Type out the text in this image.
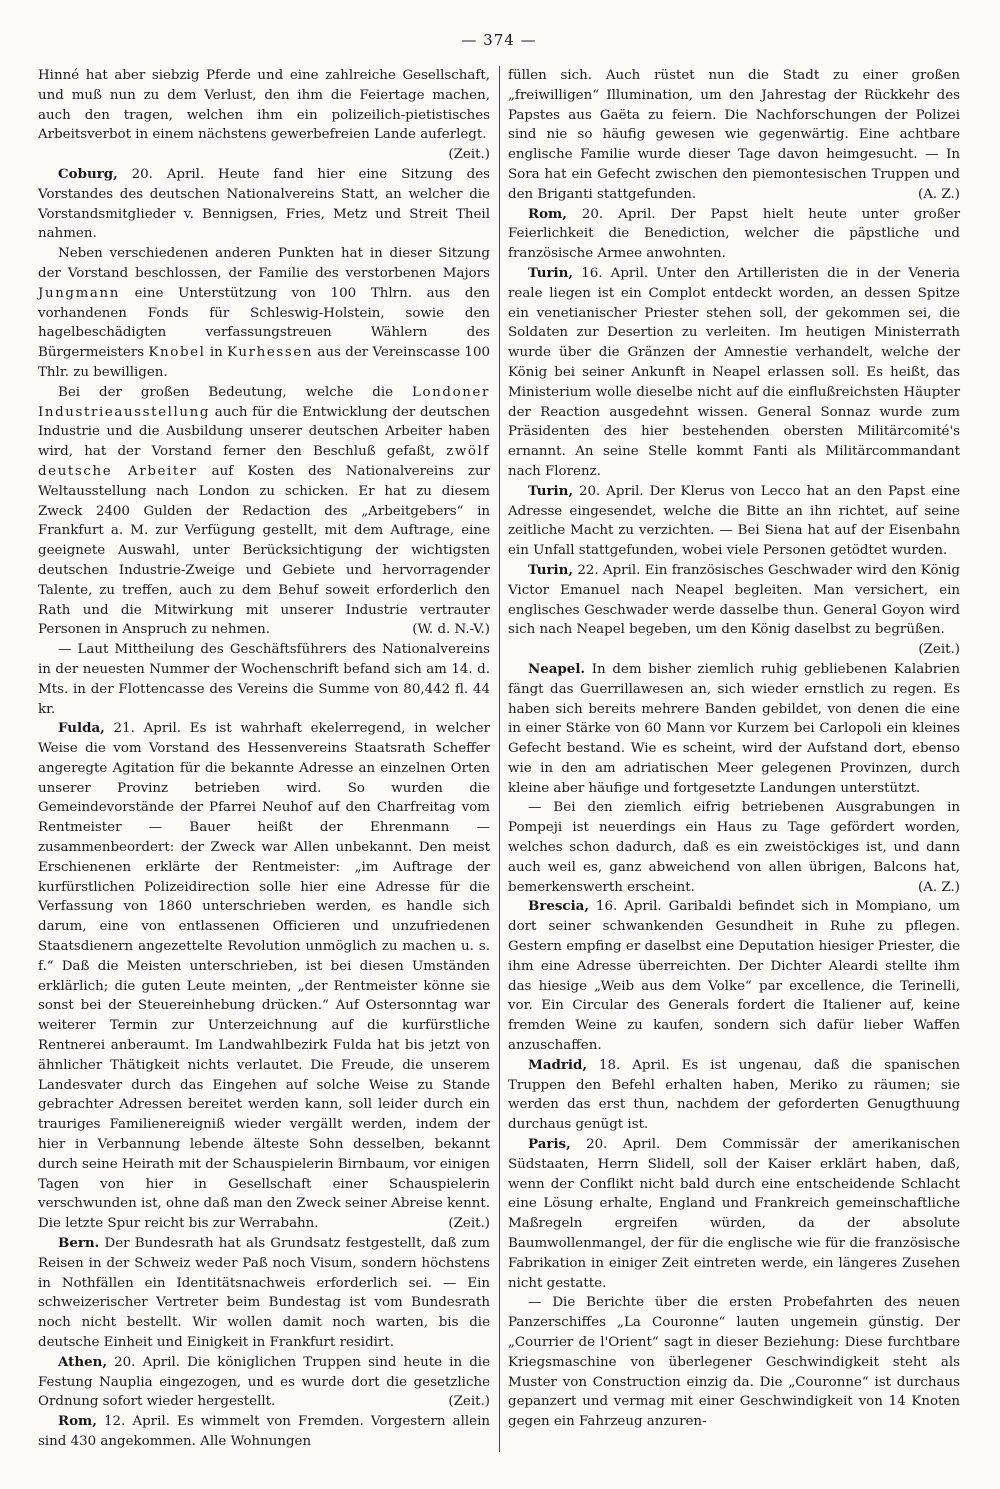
— 374 —

Hinné hat aber siebzig Pferde und eine zahlreiche Gesellschaft, und muß nun zu dem Verlust, den ihm die Feiertage machen, auch den tragen, welchen ihm ein polizeilich-pietistisches Arbeitsverbot in einem nächstens gewerbefreien Lande auferlegt.
(Zeit.)

Coburg, 20. April. Heute fand hier eine Sitzung des Vorstandes des deutschen Nationalvereins Statt, an welcher die Vorstandsmitglieder v. Bennigsen, Fries, Metz und Streit Theil nahmen.

Neben verschiedenen anderen Punkten hat in dieser Sitzung der Vorstand beschlossen, der Familie des verstorbenen Majors Jungmann eine Unterstützung von 100 Thlrn. aus den vorhandenen Fonds für Schleswig-Holstein, sowie den hagelbeschädigten verfassungstreuen Wählern des Bürgermeisters Knobel in Kurhessen aus der Vereinscasse 100 Thlr. zu bewilligen.

Bei der großen Bedeutung, welche die Londoner Industrieausstellung auch für die Entwicklung der deutschen Industrie und die Ausbildung unserer deutschen Arbeiter haben wird, hat der Vorstand ferner den Beschluß gefaßt, zwölf deutsche Arbeiter auf Kosten des Nationalvereins zur Weltausstellung nach London zu schicken. Er hat zu diesem Zweck 2400 Gulden der Redaction des „Arbeitgebers“ in Frankfurt a. M. zur Verfügung gestellt, mit dem Auftrage, eine geeignete Auswahl, unter Berücksichtigung der wichtigsten deutschen Industrie-Zweige und Gebiete und hervorragender Talente, zu treffen, auch zu dem Behuf soweit erforderlich den Rath und die Mitwirkung mit unserer Industrie vertrauter Personen in Anspruch zu nehmen.	(W. d. N.-V.)

— Laut Mittheilung des Geschäftsführers des Nationalvereins in der neuesten Nummer der Wochenschrift befand sich am 14. d. Mts. in der Flottencasse des Vereins die Summe von 80,442 fl. 44 kr.

Fulda, 21. April. Es ist wahrhaft ekelerregend, in welcher Weise die vom Vorstand des Hessenvereins Staatsrath Scheffer angeregte Agitation für die bekannte Adresse an einzelnen Orten unserer Provinz betrieben wird. So wurden die Gemeindevorstände der Pfarrei Neuhof auf den Charfreitag vom Rentmeister — Bauer heißt der Ehrenmann — zusammenbeordert: der Zweck war Allen unbekannt. Den meist Erschienenen erklärte der Rentmeister: „im Auftrage der kurfürstlichen Polizeidirection solle hier eine Adresse für die Verfassung von 1860 unterschrieben werden, es handle sich darum, eine von entlassenen Officieren und unzufriedenen Staatsdienern angezettelte Revolution unmöglich zu machen u. s. f.“ Daß die Meisten unterschrieben, ist bei diesen Umständen erklärlich; die guten Leute meinten, „der Rentmeister könne sie sonst bei der Steuereinhebung drücken.“ Auf Ostersonntag war weiterer Termin zur Unterzeichnung auf die kurfürstliche Rentnerei anberaumt. Im Landwahlbezirk Fulda hat bis jetzt von ähnlicher Thätigkeit nichts verlautet. Die Freude, die unserem Landesvater durch das Eingehen auf solche Weise zu Stande gebrachter Adressen bereitet werden kann, soll leider durch ein trauriges Familienereigniß wieder vergällt werden, indem der hier in Verbannung lebende älteste Sohn desselben, bekannt durch seine Heirath mit der Schauspielerin Birnbaum, vor einigen Tagen von hier in Gesellschaft einer Schauspielerin verschwunden ist, ohne daß man den Zweck seiner Abreise kennt. Die letzte Spur reicht bis zur Werrabahn.	(Zeit.)

Bern. Der Bundesrath hat als Grundsatz festgestellt, daß zum Reisen in der Schweiz weder Paß noch Visum, sondern höchstens in Nothfällen ein Identitätsnachweis erforderlich sei. — Ein schweizerischer Vertreter beim Bundestag ist vom Bundesrath noch nicht bestellt. Wir wollen damit noch warten, bis die deutsche Einheit und Einigkeit in Frankfurt residirt.

Athen, 20. April. Die königlichen Truppen sind heute in die Festung Nauplia eingezogen, und es wurde dort die gesetzliche Ordnung sofort wieder hergestellt.	(Zeit.)

Rom, 12. April. Es wimmelt von Fremden. Vorgestern allein sind 430 angekommen. Alle Wohnungen

füllen sich. Auch rüstet nun die Stadt zu einer großen „freiwilligen“ Illumination, um den Jahrestag der Rückkehr des Papstes aus Gaëta zu feiern. Die Nachforschungen der Polizei sind nie so häufig gewesen wie gegenwärtig. Eine achtbare englische Familie wurde dieser Tage davon heimgesucht. — In Sora hat ein Gefecht zwischen den piemontesischen Truppen und den Briganti stattgefunden.	(A. Z.)

Rom, 20. April. Der Papst hielt heute unter großer Feierlichkeit die Benediction, welcher die päpstliche und französische Armee anwohnten.

Turin, 16. April. Unter den Artilleristen die in der Veneria reale liegen ist ein Complot entdeckt worden, an dessen Spitze ein venetianischer Priester stehen soll, der gekommen sei, die Soldaten zur Desertion zu verleiten. Im heutigen Ministerrath wurde über die Gränzen der Amnestie verhandelt, welche der König bei seiner Ankunft in Neapel erlassen soll. Es heißt, das Ministerium wolle dieselbe nicht auf die einflußreichsten Häupter der Reaction ausgedehnt wissen. General Sonnaz wurde zum Präsidenten des hier bestehenden obersten Militärcomité's ernannt. An seine Stelle kommt Fanti als Militärcommandant nach Florenz.

Turin, 20. April. Der Klerus von Lecco hat an den Papst eine Adresse eingesendet, welche die Bitte an ihn richtet, auf seine zeitliche Macht zu verzichten. — Bei Siena hat auf der Eisenbahn ein Unfall stattgefunden, wobei viele Personen getödtet wurden.

Turin, 22. April. Ein französisches Geschwader wird den König Victor Emanuel nach Neapel begleiten. Man versichert, ein englisches Geschwader werde dasselbe thun. General Goyon wird sich nach Neapel begeben, um den König daselbst zu begrüßen.
(Zeit.)

Neapel. In dem bisher ziemlich ruhig gebliebenen Kalabrien fängt das Guerrillawesen an, sich wieder ernstlich zu regen. Es haben sich bereits mehrere Banden gebildet, von denen die eine in einer Stärke von 60 Mann vor Kurzem bei Carlopoli ein kleines Gefecht bestand. Wie es scheint, wird der Aufstand dort, ebenso wie in den am adriatischen Meer gelegenen Provinzen, durch kleine aber häufige und fortgesetzte Landungen unterstützt.

— Bei den ziemlich eifrig betriebenen Ausgrabungen in Pompeji ist neuerdings ein Haus zu Tage gefördert worden, welches schon dadurch, daß es ein zweistöckiges ist, und dann auch weil es, ganz abweichend von allen übrigen, Balcons hat, bemerkenswerth erscheint.	(A. Z.)

Brescia, 16. April. Garibaldi befindet sich in Mompiano, um dort seiner schwankenden Gesundheit in Ruhe zu pflegen. Gestern empfing er daselbst eine Deputation hiesiger Priester, die ihm eine Adresse überreichten. Der Dichter Aleardi stellte ihm das hiesige „Weib aus dem Volke“ par excellence, die Terinelli, vor. Ein Circular des Generals fordert die Italiener auf, keine fremden Weine zu kaufen, sondern sich dafür lieber Waffen anzuschaffen.

Madrid, 18. April. Es ist ungenau, daß die spanischen Truppen den Befehl erhalten haben, Meriko zu räumen; sie werden das erst thun, nachdem der geforderten Genugthuung durchaus genügt ist.

Paris, 20. April. Dem Commissär der amerikanischen Südstaaten, Herrn Slidell, soll der Kaiser erklärt haben, daß, wenn der Conflikt nicht bald durch eine entscheidende Schlacht eine Lösung erhalte, England und Frankreich gemeinschaftliche Maßregeln ergreifen würden, da der absolute Baumwollenmangel, der für die englische wie für die französische Fabrikation in einiger Zeit eintreten werde, ein längeres Zusehen nicht gestatte.

— Die Berichte über die ersten Probefahrten des neuen Panzerschiffes „La Couronne“ lauten ungemein günstig. Der „Courrier de l'Orient“ sagt in dieser Beziehung: Diese furchtbare Kriegsmaschine von überlegener Geschwindigkeit steht als Muster von Construction einzig da. Die „Couronne“ ist durchaus gepanzert und vermag mit einer Geschwindigkeit von 14 Knoten gegen ein Fahrzeug anzuren-
